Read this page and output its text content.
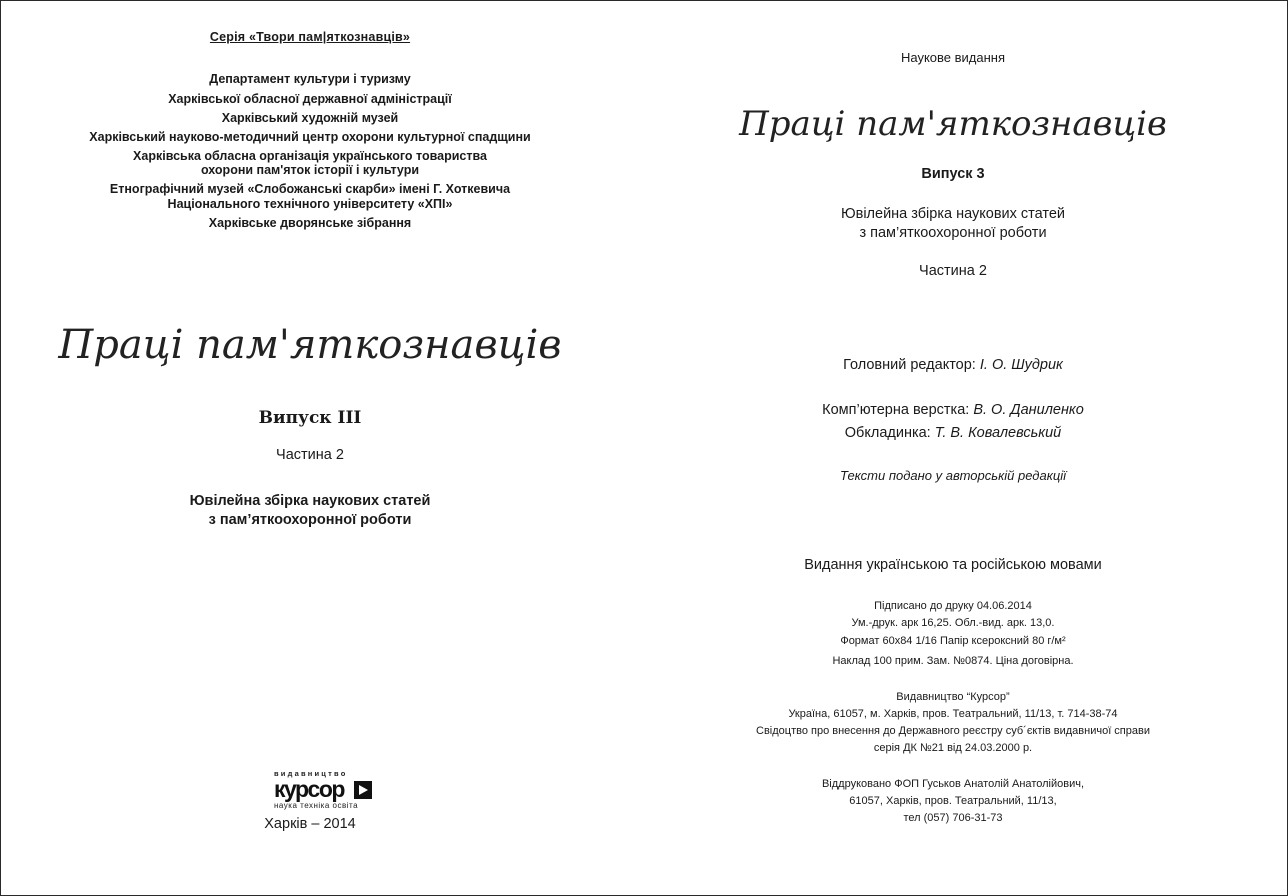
Серія «Твори пам|яткознавців»
Департамент культури і туризму
Харківської обласної державної адміністрації
Харківський художній музей
Харківський науково-методичний центр охорони культурної спадщини
Харківська обласна організація українського товариства
охорони пам'яток історії і культури
Етнографічний музей «Слобожанські скарби» імені Г. Хоткевича
Національного технічного університету «ХПІ»
Харківське дворянське зібрання
Праці пам'яткознавців
Випуск III
Частина 2
Ювілейна збірка наукових статей
з пам’яткоохоронної роботи
видавництво
курсор
наука техніка освіта
Харків – 2014
Наукове видання
Праці пам'яткознавців
Випуск 3
Ювілейна збірка наукових статей
з пам’яткоохоронної роботи
Частина 2
Головний редактор: І. О. Шудрик
Комп’ютерна верстка: В. О. Даниленко
Обкладинка: Т. В. Ковалевський
Тексти подано у авторській редакції
Видання українською та російською мовами
Підписано до друку 04.06.2014
Ум.-друк. арк 16,25. Обл.-вид. арк. 13,0.
Формат 60х84 1/16 Папір ксерокcний 80 г/м²
Наклад 100 прим. Зам. №0874. Ціна договірна.
Видавництво “Курсор”
Україна, 61057, м. Харків, пров. Театральний, 11/13, т. 714-38-74
Свідоцтво про внесення до Державного реєстру суб´єктів видавничої справи
серія ДК №21 від 24.03.2000 р.
Віддруковано ФОП Гуськов Анатолій Анатолійович,
61057, Харків, пров. Театральний, 11/13,
тел (057) 706-31-73
